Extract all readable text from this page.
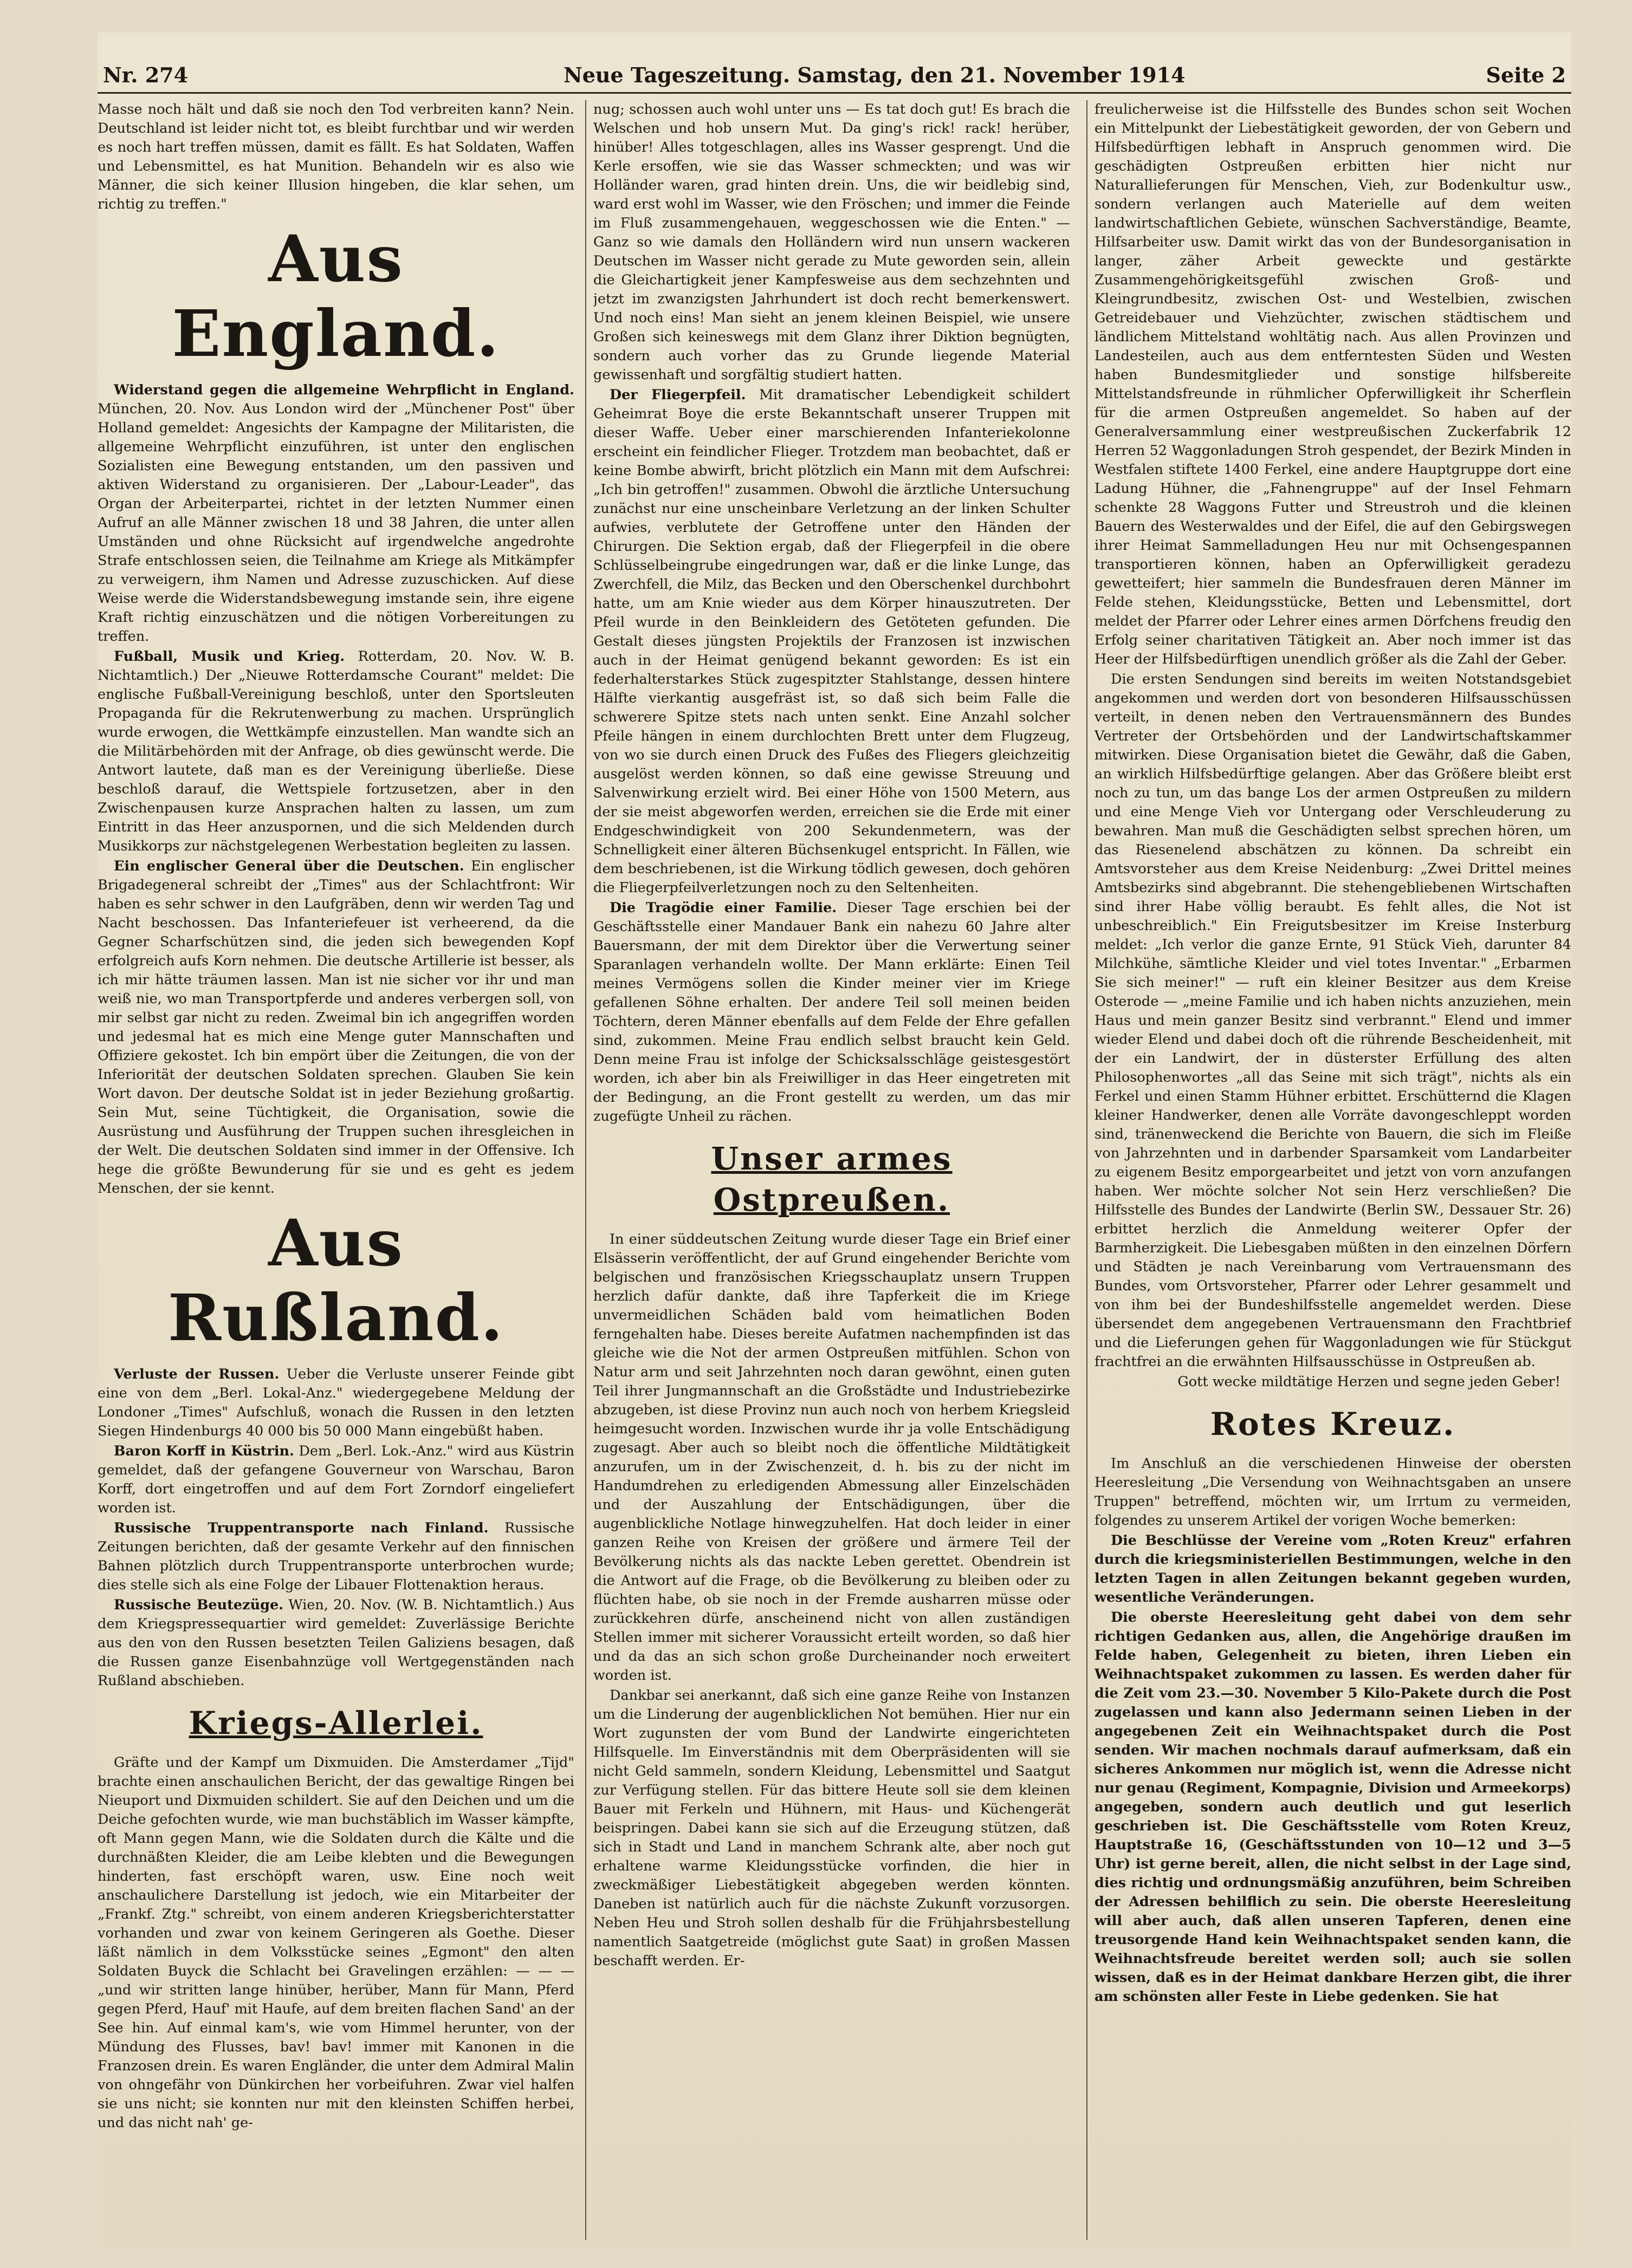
Nr. 274	Neue Tageszeitung. Samstag, den 21. November 1914	Seite 2

Masse noch hält und daß sie noch den Tod verbreiten kann? Nein. Deutschland ist leider nicht tot, es bleibt furchtbar und wir werden es noch hart treffen müssen, damit es fällt. Es hat Soldaten, Waffen und Lebensmittel, es hat Munition. Behandeln wir es also wie Männer, die sich keiner Illusion hingeben, die klar sehen, um richtig zu treffen."

Aus England.

Widerstand gegen die allgemeine Wehrpflicht in England. München, 20. Nov. Aus London wird der „Münchener Post" über Holland gemeldet: Angesichts der Kampagne der Militaristen, die allgemeine Wehrpflicht einzuführen, ist unter den englischen Sozialisten eine Bewegung entstanden, um den passiven und aktiven Widerstand zu organisieren. Der „Labour-Leader", das Organ der Arbeiterpartei, richtet in der letzten Nummer einen Aufruf an alle Männer zwischen 18 und 38 Jahren, die unter allen Umständen und ohne Rücksicht auf irgendwelche angedrohte Strafe entschlossen seien, die Teilnahme am Kriege als Mitkämpfer zu verweigern, ihm Namen und Adresse zuzuschicken. Auf diese Weise werde die Widerstandsbewegung imstande sein, ihre eigene Kraft richtig einzuschätzen und die nötigen Vorbereitungen zu treffen.

Fußball, Musik und Krieg. Rotterdam, 20. Nov. W. B. Nichtamtlich.) Der „Nieuwe Rotterdamsche Courant" meldet: Die englische Fußball-Vereinigung beschloß, unter den Sportsleuten Propaganda für die Rekrutenwerbung zu machen. Ursprünglich wurde erwogen, die Wettkämpfe einzustellen. Man wandte sich an die Militärbehörden mit der Anfrage, ob dies gewünscht werde. Die Antwort lautete, daß man es der Vereinigung überließe. Diese beschloß darauf, die Wettspiele fortzusetzen, aber in den Zwischenpausen kurze Ansprachen halten zu lassen, um zum Eintritt in das Heer anzuspornen, und die sich Meldenden durch Musikkorps zur nächstgelegenen Werbestation begleiten zu lassen.

Ein englischer General über die Deutschen. Ein englischer Brigadegeneral schreibt der „Times" aus der Schlachtfront: Wir haben es sehr schwer in den Laufgräben, denn wir werden Tag und Nacht beschossen. Das Infanteriefeuer ist verheerend, da die Gegner Scharfschützen sind, die jeden sich bewegenden Kopf erfolgreich aufs Korn nehmen. Die deutsche Artillerie ist besser, als ich mir hätte träumen lassen. Man ist nie sicher vor ihr und man weiß nie, wo man Transportpferde und anderes verbergen soll, von mir selbst gar nicht zu reden. Zweimal bin ich angegriffen worden und jedesmal hat es mich eine Menge guter Mannschaften und Offiziere gekostet. Ich bin empört über die Zeitungen, die von der Inferiorität der deutschen Soldaten sprechen. Glauben Sie kein Wort davon. Der deutsche Soldat ist in jeder Beziehung großartig. Sein Mut, seine Tüchtigkeit, die Organisation, sowie die Ausrüstung und Ausführung der Truppen suchen ihresgleichen in der Welt. Die deutschen Soldaten sind immer in der Offensive. Ich hege die größte Bewunderung für sie und es geht es jedem Menschen, der sie kennt.

Aus Rußland.

Verluste der Russen. Ueber die Verluste unserer Feinde gibt eine von dem „Berl. Lokal-Anz." wiedergegebene Meldung der Londoner „Times" Aufschluß, wonach die Russen in den letzten Siegen Hindenburgs 40 000 bis 50 000 Mann eingebüßt haben.

Baron Korff in Küstrin. Dem „Berl. Lok.-Anz." wird aus Küstrin gemeldet, daß der gefangene Gouverneur von Warschau, Baron Korff, dort eingetroffen und auf dem Fort Zorndorf eingeliefert worden ist.

Russische Truppentransporte nach Finland. Russische Zeitungen berichten, daß der gesamte Verkehr auf den finnischen Bahnen plötzlich durch Truppentransporte unterbrochen wurde; dies stelle sich als eine Folge der Libauer Flottenaktion heraus.

Russische Beutezüge. Wien, 20. Nov. (W. B. Nichtamtlich.) Aus dem Kriegspressequartier wird gemeldet: Zuverlässige Berichte aus den von den Russen besetzten Teilen Galiziens besagen, daß die Russen ganze Eisenbahnzüge voll Wertgegenständen nach Rußland abschieben.

Kriegs-Allerlei.

Gräfte und der Kampf um Dixmuiden. Die Amsterdamer „Tijd" brachte einen anschaulichen Bericht, der das gewaltige Ringen bei Nieuport und Dixmuiden schildert. Sie auf den Deichen und um die Deiche gefochten wurde, wie man buchstäblich im Wasser kämpfte, oft Mann gegen Mann, wie die Soldaten durch die Kälte und die durchnäßten Kleider, die am Leibe klebten und die Bewegungen hinderten, fast erschöpft waren, usw. Eine noch weit anschaulichere Darstellung ist jedoch, wie ein Mitarbeiter der „Frankf. Ztg." schreibt, von einem anderen Kriegsberichterstatter vorhanden und zwar von keinem Geringeren als Goethe. Dieser läßt nämlich in dem Volksstücke seines „Egmont" den alten Soldaten Buyck die Schlacht bei Gravelingen erzählen: — — — „und wir stritten lange hinüber, herüber, Mann für Mann, Pferd gegen Pferd, Hauf' mit Haufe, auf dem breiten flachen Sand' an der See hin. Auf einmal kam's, wie vom Himmel herunter, von der Mündung des Flusses, bav! bav! immer mit Kanonen in die Franzosen drein. Es waren Engländer, die unter dem Admiral Malin von ohngefähr von Dünkirchen her vorbeifuhren. Zwar viel halfen sie uns nicht; sie konnten nur mit den kleinsten Schiffen herbei, und das nicht nah' ge-

nug; schossen auch wohl unter uns — Es tat doch gut! Es brach die Welschen und hob unsern Mut. Da ging's rick! rack! herüber, hinüber! Alles totgeschlagen, alles ins Wasser gesprengt. Und die Kerle ersoffen, wie sie das Wasser schmeckten; und was wir Holländer waren, grad hinten drein. Uns, die wir beidlebig sind, ward erst wohl im Wasser, wie den Fröschen; und immer die Feinde im Fluß zusammengehauen, weggeschossen wie die Enten." — Ganz so wie damals den Holländern wird nun unsern wackeren Deutschen im Wasser nicht gerade zu Mute geworden sein, allein die Gleichartigkeit jener Kampfesweise aus dem sechzehnten und jetzt im zwanzigsten Jahrhundert ist doch recht bemerkenswert. Und noch eins! Man sieht an jenem kleinen Beispiel, wie unsere Großen sich keineswegs mit dem Glanz ihrer Diktion begnügten, sondern auch vorher das zu Grunde liegende Material gewissenhaft und sorgfältig studiert hatten.

Der Fliegerpfeil. Mit dramatischer Lebendigkeit schildert Geheimrat Boye die erste Bekanntschaft unserer Truppen mit dieser Waffe. Ueber einer marschierenden Infanteriekolonne erscheint ein feindlicher Flieger. Trotzdem man beobachtet, daß er keine Bombe abwirft, bricht plötzlich ein Mann mit dem Aufschrei: „Ich bin getroffen!" zusammen. Obwohl die ärztliche Untersuchung zunächst nur eine unscheinbare Verletzung an der linken Schulter aufwies, verblutete der Getroffene unter den Händen der Chirurgen. Die Sektion ergab, daß der Fliegerpfeil in die obere Schlüsselbeingrube eingedrungen war, daß er die linke Lunge, das Zwerchfell, die Milz, das Becken und den Oberschenkel durchbohrt hatte, um am Knie wieder aus dem Körper hinauszutreten. Der Pfeil wurde in den Beinkleidern des Getöteten gefunden. Die Gestalt dieses jüngsten Projektils der Franzosen ist inzwischen auch in der Heimat genügend bekannt geworden: Es ist ein federhalterstarkes Stück zugespitzter Stahlstange, dessen hintere Hälfte vierkantig ausgefräst ist, so daß sich beim Falle die schwerere Spitze stets nach unten senkt. Eine Anzahl solcher Pfeile hängen in einem durchlochten Brett unter dem Flugzeug, von wo sie durch einen Druck des Fußes des Fliegers gleichzeitig ausgelöst werden können, so daß eine gewisse Streuung und Salvenwirkung erzielt wird. Bei einer Höhe von 1500 Metern, aus der sie meist abgeworfen werden, erreichen sie die Erde mit einer Endgeschwindigkeit von 200 Sekundenmetern, was der Schnelligkeit einer älteren Büchsenkugel entspricht. In Fällen, wie dem beschriebenen, ist die Wirkung tödlich gewesen, doch gehören die Fliegerpfeilverletzungen noch zu den Seltenheiten.

Die Tragödie einer Familie. Dieser Tage erschien bei der Geschäftsstelle einer Mandauer Bank ein nahezu 60 Jahre alter Bauersmann, der mit dem Direktor über die Verwertung seiner Sparanlagen verhandeln wollte. Der Mann erklärte: Einen Teil meines Vermögens sollen die Kinder meiner vier im Kriege gefallenen Söhne erhalten. Der andere Teil soll meinen beiden Töchtern, deren Männer ebenfalls auf dem Felde der Ehre gefallen sind, zukommen. Meine Frau endlich selbst braucht kein Geld. Denn meine Frau ist infolge der Schicksalsschläge geistesgestört worden, ich aber bin als Freiwilliger in das Heer eingetreten mit der Bedingung, an die Front gestellt zu werden, um das mir zugefügte Unheil zu rächen.

Unser armes Ostpreußen.

In einer süddeutschen Zeitung wurde dieser Tage ein Brief einer Elsässerin veröffentlicht, der auf Grund eingehender Berichte vom belgischen und französischen Kriegsschauplatz unsern Truppen herzlich dafür dankte, daß ihre Tapferkeit die im Kriege unvermeidlichen Schäden bald vom heimatlichen Boden ferngehalten habe. Dieses bereite Aufatmen nachempfinden ist das gleiche wie die Not der armen Ostpreußen mitfühlen. Schon von Natur arm und seit Jahrzehnten noch daran gewöhnt, einen guten Teil ihrer Jungmannschaft an die Großstädte und Industriebezirke abzugeben, ist diese Provinz nun auch noch von herbem Kriegsleid heimgesucht worden. Inzwischen wurde ihr ja volle Entschädigung zugesagt. Aber auch so bleibt noch die öffentliche Mildtätigkeit anzurufen, um in der Zwischenzeit, d. h. bis zu der nicht im Handumdrehen zu erledigenden Abmessung aller Einzelschäden und der Auszahlung der Entschädigungen, über die augenblickliche Notlage hinwegzuhelfen. Hat doch leider in einer ganzen Reihe von Kreisen der größere und ärmere Teil der Bevölkerung nichts als das nackte Leben gerettet. Obendrein ist die Antwort auf die Frage, ob die Bevölkerung zu bleiben oder zu flüchten habe, ob sie noch in der Fremde ausharren müsse oder zurückkehren dürfe, anscheinend nicht von allen zuständigen Stellen immer mit sicherer Voraussicht erteilt worden, so daß hier und da das an sich schon große Durcheinander noch erweitert worden ist.

Dankbar sei anerkannt, daß sich eine ganze Reihe von Instanzen um die Linderung der augenblicklichen Not bemühen. Hier nur ein Wort zugunsten der vom Bund der Landwirte eingerichteten Hilfsquelle. Im Einverständnis mit dem Oberpräsidenten will sie nicht Geld sammeln, sondern Kleidung, Lebensmittel und Saatgut zur Verfügung stellen. Für das bittere Heute soll sie dem kleinen Bauer mit Ferkeln und Hühnern, mit Haus- und Küchengerät beispringen. Dabei kann sie sich auf die Erzeugung stützen, daß sich in Stadt und Land in manchem Schrank alte, aber noch gut erhaltene warme Kleidungsstücke vorfinden, die hier in zweckmäßiger Liebestätigkeit abgegeben werden könnten. Daneben ist natürlich auch für die nächste Zukunft vorzusorgen. Neben Heu und Stroh sollen deshalb für die Frühjahrsbestellung namentlich Saatgetreide (möglichst gute Saat) in großen Massen beschafft werden. Er-

freulicherweise ist die Hilfsstelle des Bundes schon seit Wochen ein Mittelpunkt der Liebestätigkeit geworden, der von Gebern und Hilfsbedürftigen lebhaft in Anspruch genommen wird. Die geschädigten Ostpreußen erbitten hier nicht nur Naturallieferungen für Menschen, Vieh, zur Bodenkultur usw., sondern verlangen auch Materielle auf dem weiten landwirtschaftlichen Gebiete, wünschen Sachverständige, Beamte, Hilfsarbeiter usw. Damit wirkt das von der Bundesorganisation in langer, zäher Arbeit geweckte und gestärkte Zusammengehörigkeitsgefühl zwischen Groß- und Kleingrundbesitz, zwischen Ost- und Westelbien, zwischen Getreidebauer und Viehzüchter, zwischen städtischem und ländlichem Mittelstand wohltätig nach. Aus allen Provinzen und Landesteilen, auch aus dem entferntesten Süden und Westen haben Bundesmitglieder und sonstige hilfsbereite Mittelstandsfreunde in rühmlicher Opferwilligkeit ihr Scherflein für die armen Ostpreußen angemeldet. So haben auf der Generalversammlung einer westpreußischen Zuckerfabrik 12 Herren 52 Waggonladungen Stroh gespendet, der Bezirk Minden in Westfalen stiftete 1400 Ferkel, eine andere Hauptgruppe dort eine Ladung Hühner, die „Fahnengruppe" auf der Insel Fehmarn schenkte 28 Waggons Futter und Streustroh und die kleinen Bauern des Westerwaldes und der Eifel, die auf den Gebirgswegen ihrer Heimat Sammelladungen Heu nur mit Ochsengespannen transportieren können, haben an Opferwilligkeit geradezu gewetteifert; hier sammeln die Bundesfrauen deren Männer im Felde stehen, Kleidungsstücke, Betten und Lebensmittel, dort meldet der Pfarrer oder Lehrer eines armen Dörfchens freudig den Erfolg seiner charitativen Tätigkeit an. Aber noch immer ist das Heer der Hilfsbedürftigen unendlich größer als die Zahl der Geber.

Die ersten Sendungen sind bereits im weiten Notstandsgebiet angekommen und werden dort von besonderen Hilfsausschüssen verteilt, in denen neben den Vertrauensmännern des Bundes Vertreter der Ortsbehörden und der Landwirtschaftskammer mitwirken. Diese Organisation bietet die Gewähr, daß die Gaben, an wirklich Hilfsbedürftige gelangen. Aber das Größere bleibt erst noch zu tun, um das bange Los der armen Ostpreußen zu mildern und eine Menge Vieh vor Untergang oder Verschleuderung zu bewahren. Man muß die Geschädigten selbst sprechen hören, um das Riesenelend abschätzen zu können. Da schreibt ein Amtsvorsteher aus dem Kreise Neidenburg: „Zwei Drittel meines Amtsbezirks sind abgebrannt. Die stehengebliebenen Wirtschaften sind ihrer Habe völlig beraubt. Es fehlt alles, die Not ist unbeschreiblich." Ein Freigutsbesitzer im Kreise Insterburg meldet: „Ich verlor die ganze Ernte, 91 Stück Vieh, darunter 84 Milchkühe, sämtliche Kleider und viel totes Inventar." „Erbarmen Sie sich meiner!" — ruft ein kleiner Besitzer aus dem Kreise Osterode — „meine Familie und ich haben nichts anzuziehen, mein Haus und mein ganzer Besitz sind verbrannt." Elend und immer wieder Elend und dabei doch oft die rührende Bescheidenheit, mit der ein Landwirt, der in düsterster Erfüllung des alten Philosophenwortes „all das Seine mit sich trägt", nichts als ein Ferkel und einen Stamm Hühner erbittet. Erschütternd die Klagen kleiner Handwerker, denen alle Vorräte davongeschleppt worden sind, tränenweckend die Berichte von Bauern, die sich im Fleiße von Jahrzehnten und in darbender Sparsamkeit vom Landarbeiter zu eigenem Besitz emporgearbeitet und jetzt von vorn anzufangen haben. Wer möchte solcher Not sein Herz verschließen? Die Hilfsstelle des Bundes der Landwirte (Berlin SW., Dessauer Str. 26) erbittet herzlich die Anmeldung weiterer Opfer der Barmherzigkeit. Die Liebesgaben müßten in den einzelnen Dörfern und Städten je nach Vereinbarung vom Vertrauensmann des Bundes, vom Ortsvorsteher, Pfarrer oder Lehrer gesammelt und von ihm bei der Bundeshilfsstelle angemeldet werden. Diese übersendet dem angegebenen Vertrauensmann den Frachtbrief und die Lieferungen gehen für Waggonladungen wie für Stückgut frachtfrei an die erwähnten Hilfsausschüsse in Ostpreußen ab.

Gott wecke mildtätige Herzen und segne jeden Geber!

Rotes Kreuz.

Im Anschluß an die verschiedenen Hinweise der obersten Heeresleitung „Die Versendung von Weihnachtsgaben an unsere Truppen" betreffend, möchten wir, um Irrtum zu vermeiden, folgendes zu unserem Artikel der vorigen Woche bemerken:

Die Beschlüsse der Vereine vom „Roten Kreuz" erfahren durch die kriegsministeriellen Bestimmungen, welche in den letzten Tagen in allen Zeitungen bekannt gegeben wurden, wesentliche Veränderungen.

Die oberste Heeresleitung geht dabei von dem sehr richtigen Gedanken aus, allen, die Angehörige draußen im Felde haben, Gelegenheit zu bieten, ihren Lieben ein Weihnachtspaket zukommen zu lassen. Es werden daher für die Zeit vom 23.—30. November 5 Kilo-Pakete durch die Post zugelassen und kann also Jedermann seinen Lieben in der angegebenen Zeit ein Weihnachtspaket durch die Post senden. Wir machen nochmals darauf aufmerksam, daß ein sicheres Ankommen nur möglich ist, wenn die Adresse nicht nur genau (Regiment, Kompagnie, Division und Armeekorps) angegeben, sondern auch deutlich und gut leserlich geschrieben ist. Die Geschäftsstelle vom Roten Kreuz, Hauptstraße 16, (Geschäftsstunden von 10—12 und 3—5 Uhr) ist gerne bereit, allen, die nicht selbst in der Lage sind, dies richtig und ordnungsmäßig anzuführen, beim Schreiben der Adressen behilflich zu sein. Die oberste Heeresleitung will aber auch, daß allen unseren Tapferen, denen eine treusorgende Hand kein Weihnachtspaket senden kann, die Weihnachtsfreude bereitet werden soll; auch sie sollen wissen, daß es in der Heimat dankbare Herzen gibt, die ihrer am schönsten aller Feste in Liebe gedenken. Sie hat
